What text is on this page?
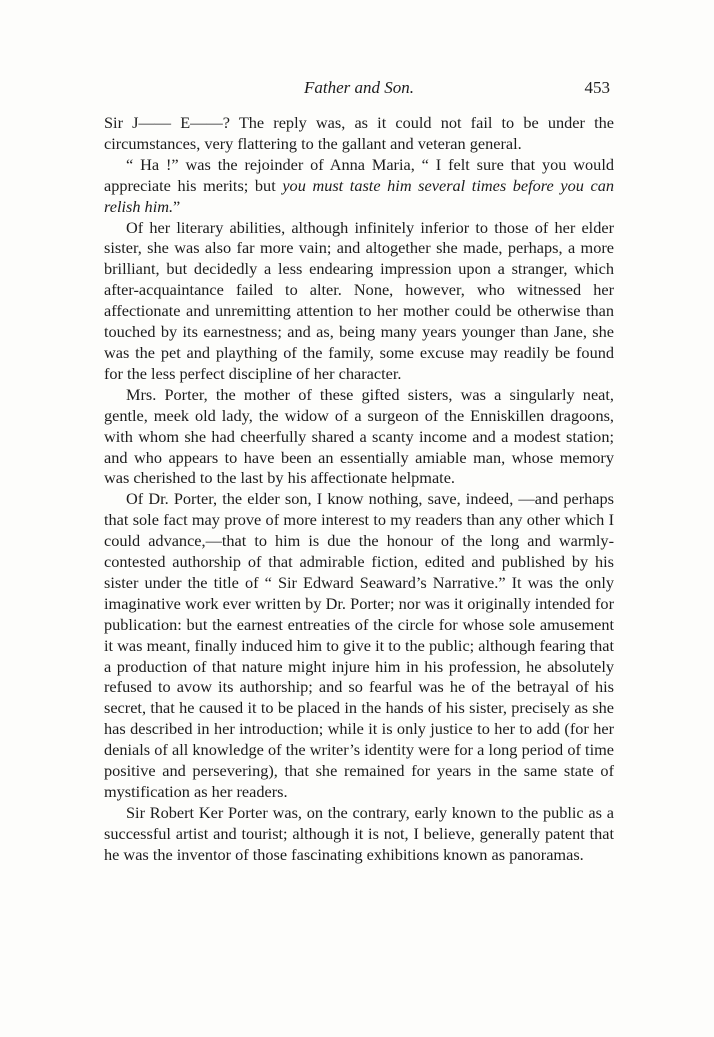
Father and Son.	453

Sir J—— E——? The reply was, as it could not fail to be under the circumstances, very flattering to the gallant and veteran general.

“ Ha !” was the rejoinder of Anna Maria, “ I felt sure that you would appreciate his merits; but you must taste him several times before you can relish him.”

Of her literary abilities, although infinitely inferior to those of her elder sister, she was also far more vain; and altogether she made, perhaps, a more brilliant, but decidedly a less endearing impression upon a stranger, which after-acquaintance failed to alter. None, however, who witnessed her affectionate and unremitting attention to her mother could be otherwise than touched by its earnestness; and as, being many years younger than Jane, she was the pet and plaything of the family, some excuse may readily be found for the less perfect discipline of her character.

Mrs. Porter, the mother of these gifted sisters, was a singularly neat, gentle, meek old lady, the widow of a surgeon of the Enniskillen dragoons, with whom she had cheerfully shared a scanty income and a modest station; and who appears to have been an essentially amiable man, whose memory was cherished to the last by his affectionate helpmate.

Of Dr. Porter, the elder son, I know nothing, save, indeed, —and perhaps that sole fact may prove of more interest to my readers than any other which I could advance,—that to him is due the honour of the long and warmly-contested authorship of that admirable fiction, edited and published by his sister under the title of “ Sir Edward Seaward’s Narrative.” It was the only imaginative work ever written by Dr. Porter; nor was it originally intended for publication: but the earnest entreaties of the circle for whose sole amusement it was meant, finally induced him to give it to the public; although fearing that a production of that nature might injure him in his profession, he absolutely refused to avow its authorship; and so fearful was he of the betrayal of his secret, that he caused it to be placed in the hands of his sister, precisely as she has described in her introduction; while it is only justice to her to add (for her denials of all knowledge of the writer’s identity were for a long period of time positive and persevering), that she remained for years in the same state of mystification as her readers.

Sir Robert Ker Porter was, on the contrary, early known to the public as a successful artist and tourist; although it is not, I believe, generally patent that he was the inventor of those fascinating exhibitions known as panoramas.
